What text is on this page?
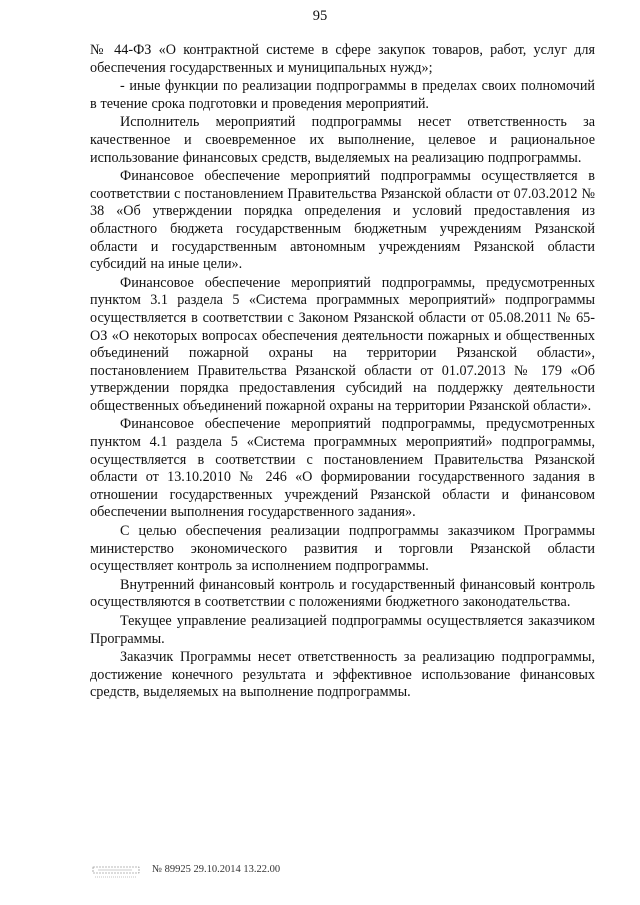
95

№ 44-ФЗ «О контрактной системе в сфере закупок товаров, работ, услуг для обеспечения государственных и муниципальных нужд»;

- иные функции по реализации подпрограммы в пределах своих полномочий в течение срока подготовки и проведения мероприятий.

Исполнитель мероприятий подпрограммы несет ответственность за качественное и своевременное их выполнение, целевое и рациональное использование финансовых средств, выделяемых на реализацию подпрограммы.

Финансовое обеспечение мероприятий подпрограммы осуществляется в соответствии с постановлением Правительства Рязанской области от 07.03.2012 № 38 «Об утверждении порядка определения и условий предоставления из областного бюджета государственным бюджетным учреждениям Рязанской области и государственным автономным учреждениям Рязанской области субсидий на иные цели».

Финансовое обеспечение мероприятий подпрограммы, предусмотренных пунктом 3.1 раздела 5 «Система программных мероприятий» подпрограммы осуществляется в соответствии с Законом Рязанской области от 05.08.2011 № 65-ОЗ «О некоторых вопросах обеспечения деятельности пожарных и общественных объединений пожарной охраны на территории Рязанской области», постановлением Правительства Рязанской области от 01.07.2013 № 179 «Об утверждении порядка предоставления субсидий на поддержку деятельности общественных объединений пожарной охраны на территории Рязанской области».

Финансовое обеспечение мероприятий подпрограммы, предусмотренных пунктом 4.1 раздела 5 «Система программных мероприятий» подпрограммы, осуществляется в соответствии с постановлением Правительства Рязанской области от 13.10.2010 № 246 «О формировании государственного задания в отношении государственных учреждений Рязанской области и финансовом обеспечении выполнения государственного задания».

С целью обеспечения реализации подпрограммы заказчиком Программы министерство экономического развития и торговли Рязанской области осуществляет контроль за исполнением подпрограммы.

Внутренний финансовый контроль и государственный финансовый контроль осуществляются в соответствии с положениями бюджетного законодательства.

Текущее управление реализацией подпрограммы осуществляется заказчиком Программы.

Заказчик Программы несет ответственность за реализацию подпрограммы, достижение конечного результата и эффективное использование финансовых средств, выделяемых на выполнение подпрограммы.

№ 89925 29.10.2014 13.22.00
